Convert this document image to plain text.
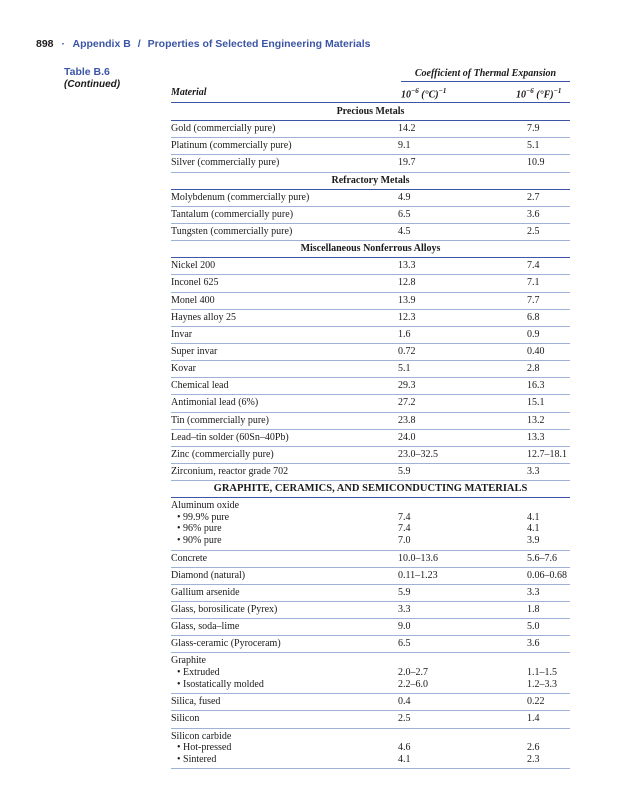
898 · Appendix B / Properties of Selected Engineering Materials
Table B.6
(Continued)
Coefficient of Thermal Expansion
Material	$10^{-6}$ $(^\circ C)^{-1}$	$10^{-6}$ $(^\circ F)^{-1}$
Precious Metals
Gold (commercially pure)	14.2	7.9
Platinum (commercially pure)	9.1	5.1
Silver (commercially pure)	19.7	10.9
Refractory Metals
Molybdenum (commercially pure)	4.9	2.7
Tantalum (commercially pure)	6.5	3.6
Tungsten (commercially pure)	4.5	2.5
Miscellaneous Nonferrous Alloys
Nickel 200	13.3	7.4
Inconel 625	12.8	7.1
Monel 400	13.9	7.7
Haynes alloy 25	12.3	6.8
Invar	1.6	0.9
Super invar	0.72	0.40
Kovar	5.1	2.8
Chemical lead	29.3	16.3
Antimonial lead (6%)	27.2	15.1
Tin (commercially pure)	23.8	13.2
Lead–tin solder (60Sn–40Pb)	24.0	13.3
Zinc (commercially pure)	23.0–32.5	12.7–18.1
Zirconium, reactor grade 702	5.9	3.3
GRAPHITE, CERAMICS, AND SEMICONDUCTING MATERIALS
Aluminum oxide
• 99.9% pure	7.4	4.1
• 96% pure	7.4	4.1
• 90% pure	7.0	3.9
Concrete	10.0–13.6	5.6–7.6
Diamond (natural)	0.11–1.23	0.06–0.68
Gallium arsenide	5.9	3.3
Glass, borosilicate (Pyrex)	3.3	1.8
Glass, soda–lime	9.0	5.0
Glass-ceramic (Pyroceram)	6.5	3.6
Graphite
• Extruded	2.0–2.7	1.1–1.5
• Isostatically molded	2.2–6.0	1.2–3.3
Silica, fused	0.4	0.22
Silicon	2.5	1.4
Silicon carbide
• Hot-pressed	4.6	2.6
• Sintered	4.1	2.3
